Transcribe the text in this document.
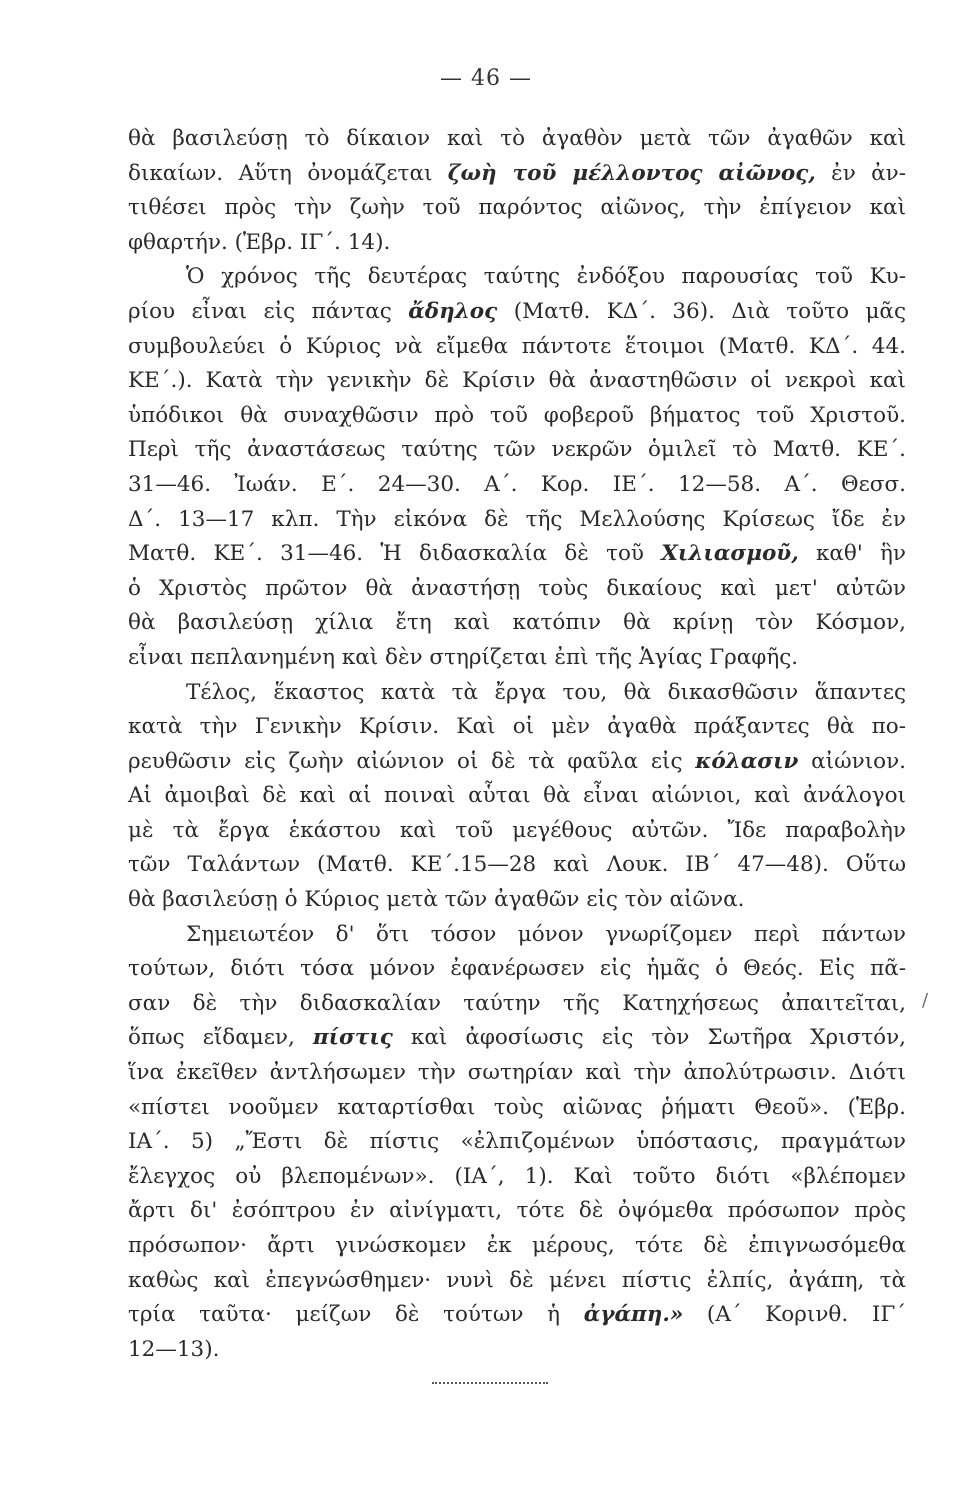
— 46 —
θὰ βασιλεύσῃ τὸ δίκαιον καὶ τὸ ἀγαθὸν μετὰ τῶν ἀγαθῶν καὶ
δικαίων. Αὕτη ὀνομάζεται ζωὴ τοῦ μέλλοντος αἰῶνος, ἐν ἀν-
τιθέσει πρὸς τὴν ζωὴν τοῦ παρόντος αἰῶνος, τὴν ἐπίγειον καὶ
φθαρτήν. (Ἑβρ. ΙΓ΄. 14).
Ὁ χρόνος τῆς δευτέρας ταύτης ἐνδόξου παρουσίας τοῦ Κυ-
ρίου εἶναι εἰς πάντας ἄδηλος (Ματθ. ΚΔ΄. 36). Διὰ τοῦτο μᾶς
συμβουλεύει ὁ Κύριος νὰ εἴμεθα πάντοτε ἕτοιμοι (Ματθ. ΚΔ΄. 44.
ΚΕ΄.). Κατὰ τὴν γενικὴν δὲ Κρίσιν θὰ ἀναστηθῶσιν οἱ νεκροὶ καὶ
ὑπόδικοι θὰ συναχθῶσιν πρὸ τοῦ φοβεροῦ βήματος τοῦ Χριστοῦ.
Περὶ τῆς ἀναστάσεως ταύτης τῶν νεκρῶν ὁμιλεῖ τὸ Ματθ. ΚΕ΄.
31—46. Ἰωάν. Ε΄. 24—30. Α΄. Κορ. ΙΕ΄. 12—58. Α΄. Θεσσ.
Δ΄. 13—17 κλπ. Τὴν εἰκόνα δὲ τῆς Μελλούσης Κρίσεως ἴδε ἐν
Ματθ. ΚΕ΄. 31—46. Ἡ διδασκαλία δὲ τοῦ Χιλιασμοῦ, καθ' ἣν
ὁ Χριστὸς πρῶτον θὰ ἀναστήσῃ τοὺς δικαίους καὶ μετ' αὐτῶν
θὰ βασιλεύσῃ χίλια ἔτη καὶ κατόπιν θὰ κρίνῃ τὸν Κόσμον,
εἶναι πεπλανημένη καὶ δὲν στηρίζεται ἐπὶ τῆς Ἁγίας Γραφῆς.
Τέλος, ἕκαστος κατὰ τὰ ἔργα του, θὰ δικασθῶσιν ἅπαντες
κατὰ τὴν Γενικὴν Κρίσιν. Καὶ οἱ μὲν ἀγαθὰ πράξαντες θὰ πο-
ρευθῶσιν εἰς ζωὴν αἰώνιον οἱ δὲ τὰ φαῦλα εἰς κόλασιν αἰώνιον.
Αἱ ἀμοιβαὶ δὲ καὶ αἱ ποιναὶ αὗται θὰ εἶναι αἰώνιοι, καὶ ἀνάλογοι
μὲ τὰ ἔργα ἑκάστου καὶ τοῦ μεγέθους αὐτῶν. Ἴδε παραβολὴν
τῶν Ταλάντων (Ματθ. ΚΕ΄.15—28 καὶ Λουκ. ΙΒ΄ 47—48). Οὕτω
θὰ βασιλεύσῃ ὁ Κύριος μετὰ τῶν ἀγαθῶν εἰς τὸν αἰῶνα.
Σημειωτέον δ' ὅτι τόσον μόνον γνωρίζομεν περὶ πάντων
τούτων, διότι τόσα μόνον ἐφανέρωσεν εἰς ἡμᾶς ὁ Θεός. Εἰς πᾶ-
σαν δὲ τὴν διδασκαλίαν ταύτην τῆς Κατηχήσεως ἀπαιτεῖται,
ὅπως εἴδαμεν, πίστις καὶ ἀφοσίωσις εἰς τὸν Σωτῆρα Χριστόν,
ἵνα ἐκεῖθεν ἀντλήσωμεν τὴν σωτηρίαν καὶ τὴν ἀπολύτρωσιν. Διότι
«πίστει νοοῦμεν καταρτίσθαι τοὺς αἰῶνας ῥήματι Θεοῦ». (Ἑβρ.
ΙΑ΄. 5) „Ἔστι δὲ πίστις «ἐλπιζομένων ὑπόστασις, πραγμάτων
ἔλεγχος οὐ βλεπομένων». (ΙΑ΄, 1). Καὶ τοῦτο διότι «βλέπομεν
ἄρτι δι' ἐσόπτρου ἐν αἰνίγματι, τότε δὲ ὀψόμεθα πρόσωπον πρὸς
πρόσωπον· ἄρτι γινώσκομεν ἐκ μέρους, τότε δὲ ἐπιγνωσόμεθα
καθὼς καὶ ἐπεγνώσθημεν· νυνὶ δὲ μένει πίστις ἐλπίς, ἀγάπη, τὰ
τρία ταῦτα· μείζων δὲ τούτων ἡ ἀγάπη.» (Α΄ Κορινθ. ΙΓ΄
12—13).
/
